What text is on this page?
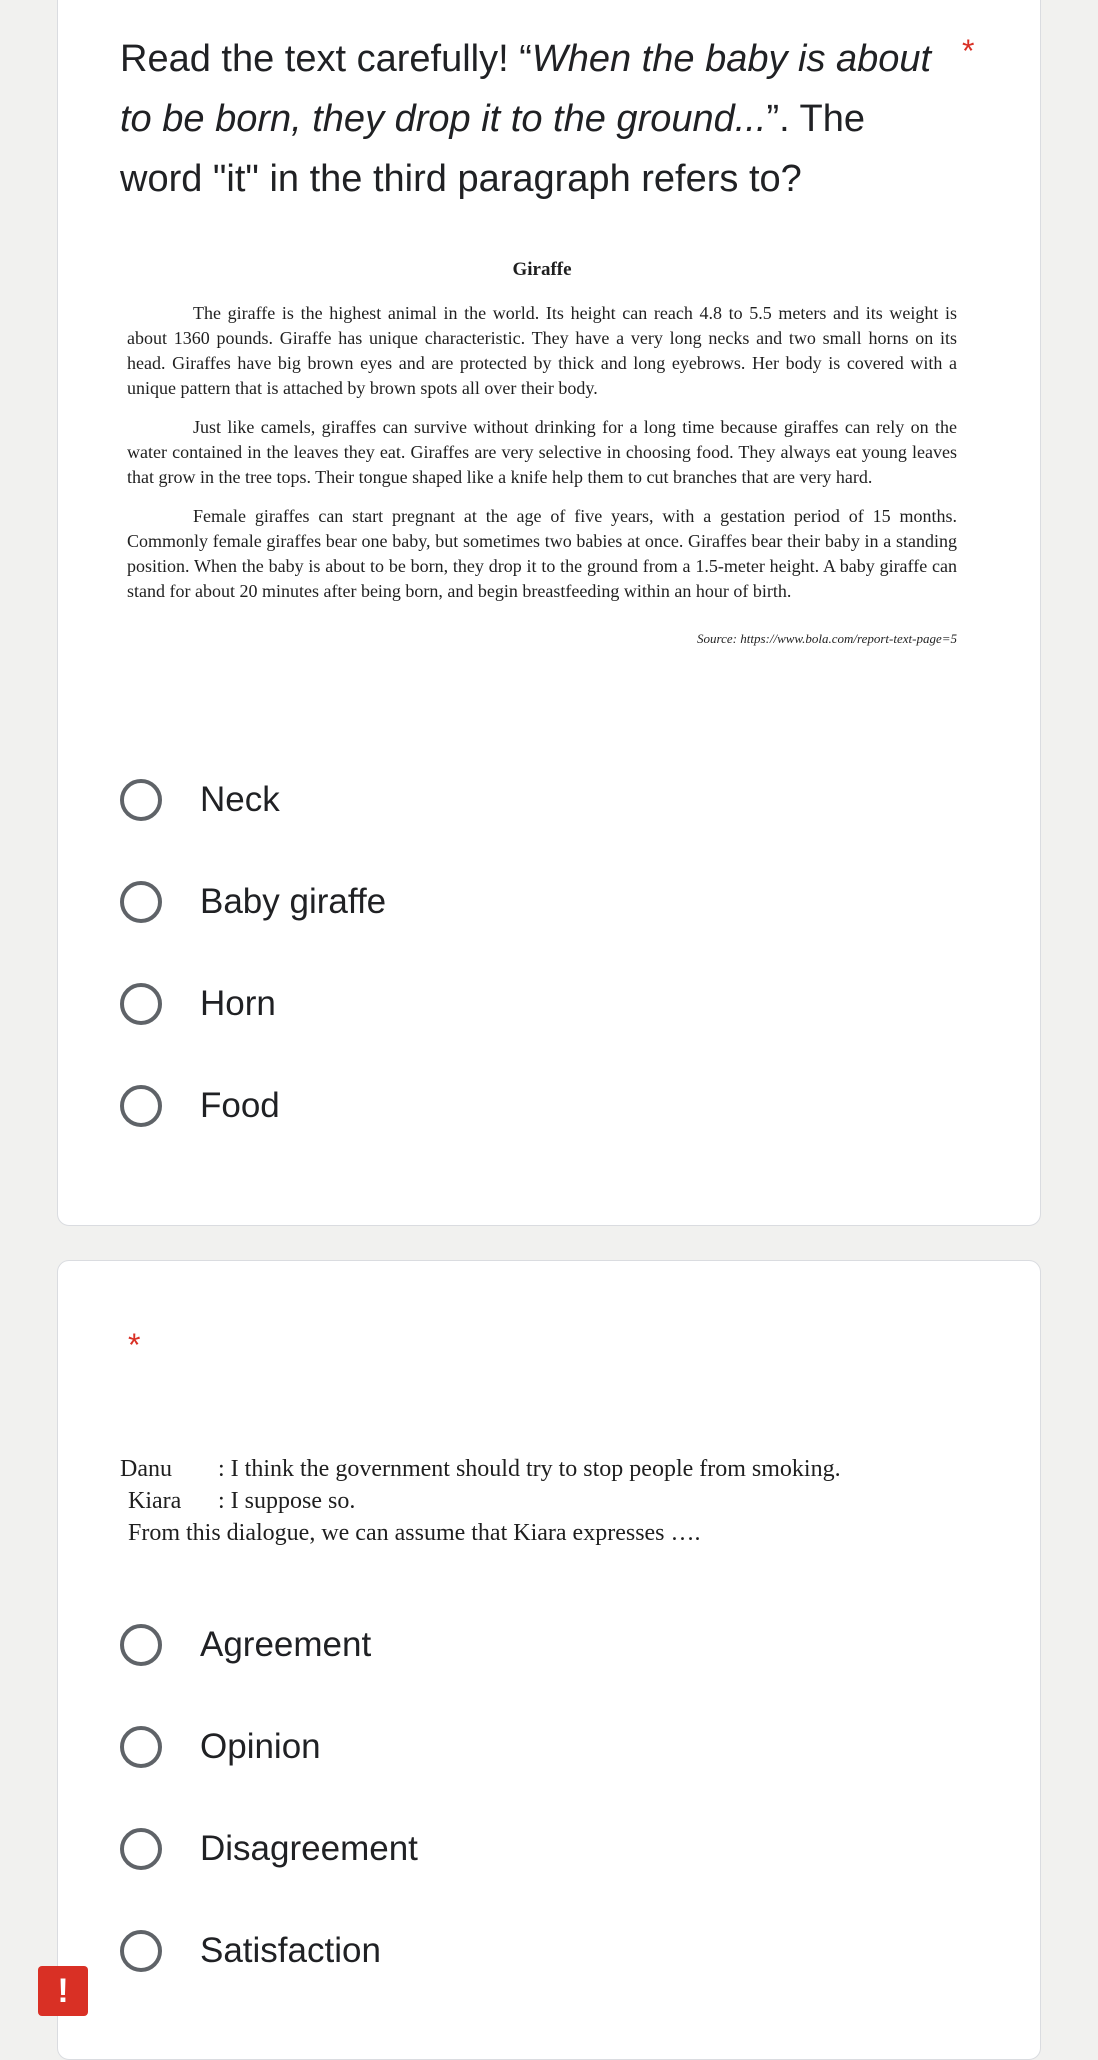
Read the text carefully! “When the baby is about to be born, they drop it to the ground...”. The word "it" in the third paragraph refers to?
*
Giraffe

The giraffe is the highest animal in the world. Its height can reach 4.8 to 5.5 meters and its weight is about 1360 pounds. Giraffe has unique characteristic. They have a very long necks and two small horns on its head. Giraffes have big brown eyes and are protected by thick and long eyebrows. Her body is covered with a unique pattern that is attached by brown spots all over their body.

Just like camels, giraffes can survive without drinking for a long time because giraffes can rely on the water contained in the leaves they eat. Giraffes are very selective in choosing food. They always eat young leaves that grow in the tree tops. Their tongue shaped like a knife help them to cut branches that are very hard.

Female giraffes can start pregnant at the age of five years, with a gestation period of 15 months. Commonly female giraffes bear one baby, but sometimes two babies at once. Giraffes bear their baby in a standing position. When the baby is about to be born, they drop it to the ground from a 1.5-meter height. A baby giraffe can stand for about 20 minutes after being born, and begin breastfeeding within an hour of birth.

Source: https://www.bola.com/report-text-page=5

Neck
Baby giraffe
Horn
Food
*
Danu : I think the government should try to stop people from smoking.
Kiara : I suppose so.
From this dialogue, we can assume that Kiara expresses ….
Agreement
Opinion
Disagreement
Satisfaction
!
